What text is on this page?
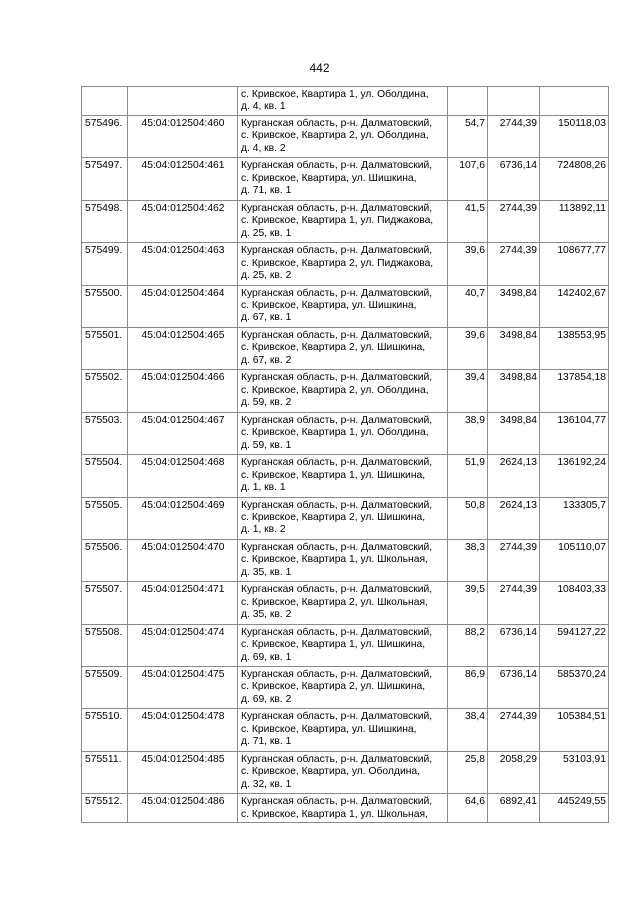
442
		с. Кривское, Квартира 1, ул. Оболдина,
д. 4, кв. 1			
575496.	45:04:012504:460	Курганская область, р-н. Далматовский,
с. Кривское, Квартира 2, ул. Оболдина,
д. 4, кв. 2	54,7	2744,39	150118,03
575497.	45:04:012504:461	Курганская область, р-н. Далматовский,
с. Кривское, Квартира, ул. Шишкина,
д. 71, кв. 1	107,6	6736,14	724808,26
575498.	45:04:012504:462	Курганская область, р-н. Далматовский,
с. Кривское, Квартира 1, ул. Пиджакова,
д. 25, кв. 1	41,5	2744,39	113892,11
575499.	45:04:012504:463	Курганская область, р-н. Далматовский,
с. Кривское, Квартира 2, ул. Пиджакова,
д. 25, кв. 2	39,6	2744,39	108677,77
575500.	45:04:012504:464	Курганская область, р-н. Далматовский,
с. Кривское, Квартира, ул. Шишкина,
д. 67, кв. 1	40,7	3498,84	142402,67
575501.	45:04:012504:465	Курганская область, р-н. Далматовский,
с. Кривское, Квартира 2, ул. Шишкина,
д. 67, кв. 2	39,6	3498,84	138553,95
575502.	45:04:012504:466	Курганская область, р-н. Далматовский,
с. Кривское, Квартира 2, ул. Оболдина,
д. 59, кв. 2	39,4	3498,84	137854,18
575503.	45:04:012504:467	Курганская область, р-н. Далматовский,
с. Кривское, Квартира 1, ул. Оболдина,
д. 59, кв. 1	38,9	3498,84	136104,77
575504.	45:04:012504:468	Курганская область, р-н. Далматовский,
с. Кривское, Квартира 1, ул. Шишкина,
д. 1, кв. 1	51,9	2624,13	136192,24
575505.	45:04:012504:469	Курганская область, р-н. Далматовский,
с. Кривское, Квартира 2, ул. Шишкина,
д. 1, кв. 2	50,8	2624,13	133305,7
575506.	45:04:012504:470	Курганская область, р-н. Далматовский,
с. Кривское, Квартира 1, ул. Школьная,
д. 35, кв. 1	38,3	2744,39	105110,07
575507.	45:04:012504:471	Курганская область, р-н. Далматовский,
с. Кривское, Квартира 2, ул. Школьная,
д. 35, кв. 2	39,5	2744,39	108403,33
575508.	45:04:012504:474	Курганская область, р-н. Далматовский,
с. Кривское, Квартира 1, ул. Шишкина,
д. 69, кв. 1	88,2	6736,14	594127,22
575509.	45:04:012504:475	Курганская область, р-н. Далматовский,
с. Кривское, Квартира 2, ул. Шишкина,
д. 69, кв. 2	86,9	6736,14	585370,24
575510.	45:04:012504:478	Курганская область, р-н. Далматовский,
с. Кривское, Квартира, ул. Шишкина,
д. 71, кв. 1	38,4	2744,39	105384,51
575511.	45:04:012504:485	Курганская область, р-н. Далматовский,
с. Кривское, Квартира, ул. Оболдина,
д. 32, кв. 1	25,8	2058,29	53103,91
575512.	45:04:012504:486	Курганская область, р-н. Далматовский,
с. Кривское, Квартира 1, ул. Школьная,	64,6	6892,41	445249,55
